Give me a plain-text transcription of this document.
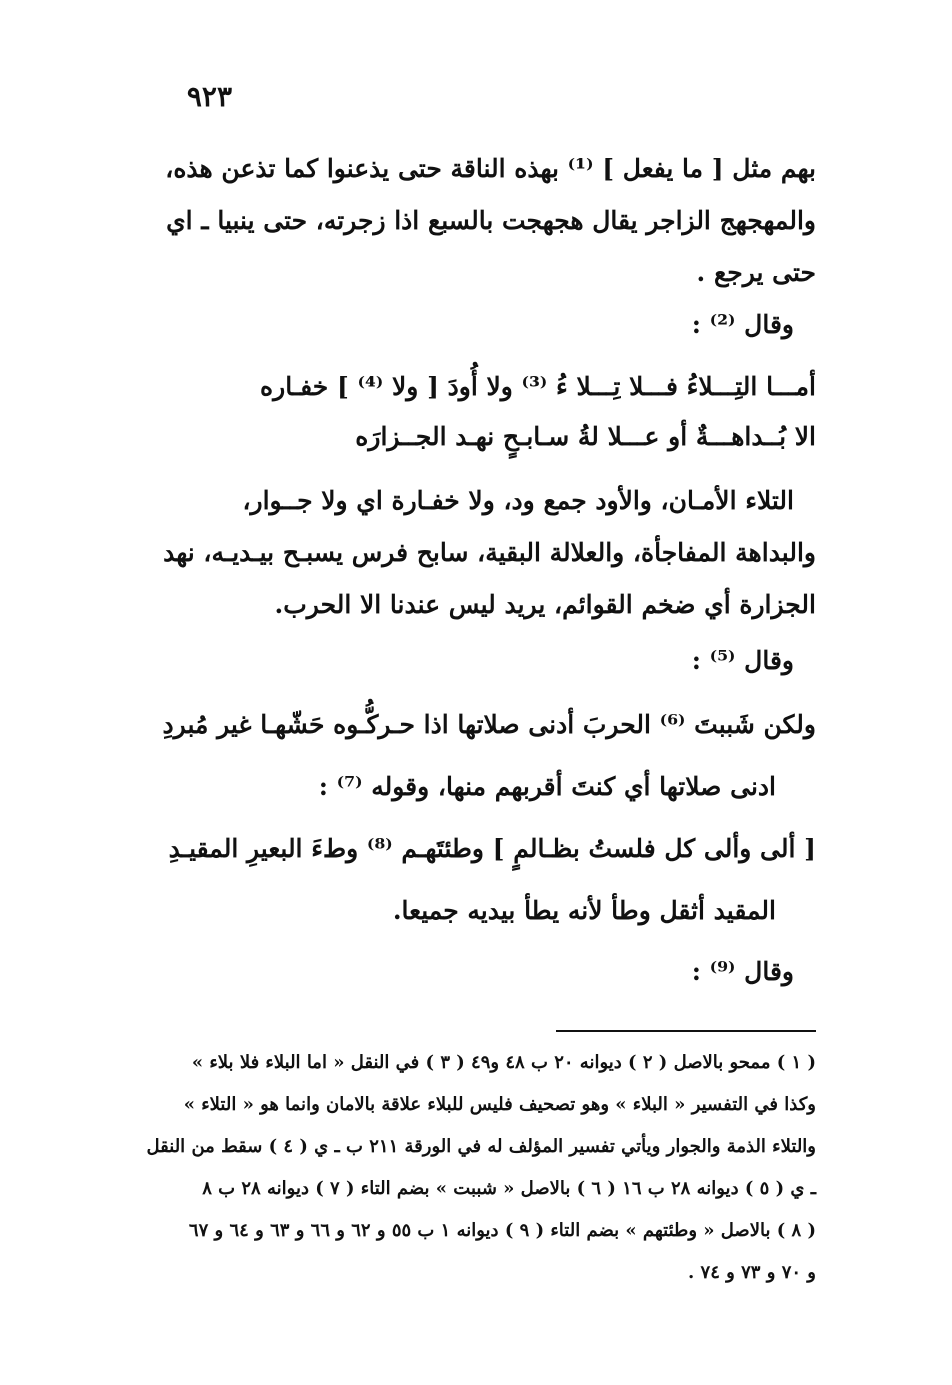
٩٢٣
بهم مثل [ ما يفعل ] ⁽¹⁾ بهذه الناقة حتى يذعنوا كما تذعن هذه،
والمهجهج الزاجر يقال هجهجت بالسبع اذا زجرته، حتى ينبيا ـ اي
حتى يرجع .
وقال ⁽²⁾ :
أمـــا التِـــلاءُ فـــلا تِـــلا ءُ ⁽³⁾ ولا أُودَ [ ولا ⁽⁴⁾ ] خفـاره
الا بُــداهـــةٌ أو عـــلا لةُ سـابـحٍ نهـد الجــزارَه
التلاء الأمـان، والأود جمع ود، ولا خفـارة اي ولا جــوار،
والبداهة المفاجأة، والعلالة البقية، سابح فرس يسبـح بيـديـه، نهد
الجزارة أي ضخم القوائم، يريد ليس عندنا الا الحرب.
وقال ⁽⁵⁾ :
ولكن شَببتَ ⁽⁶⁾ الحربَ أدنى صلاتها اذا حـركُّـوه حَشّهـا غير مُبردِ
ادنى صلاتها أي كنتَ أقربهم منها، وقوله ⁽⁷⁾ :
[ ألى وألى كل فلستُ بظـالمٍ ] وطئتَهـم ⁽⁸⁾ وطءَ البعيرِ المقيـدِ
المقيد أثقل وطأ لأنه يطأ بيديه جميعا.
وقال ⁽⁹⁾ :
( ١ ) ممحو بالاصل ( ٢ ) ديوانه ٢٠ ب ٤٨ و٤٩ ( ٣ ) في النقل « اما البلاء فلا بلاء »
وكذا في التفسير « البلاء » وهو تصحيف فليس للبلاء علاقة بالامان وانما هو « التلاء »
والتلاء الذمة والجوار ويأتي تفسير المؤلف له في الورقة ٢١١ ب ـ ي ( ٤ ) سقط من النقل
ـ ي ( ٥ ) ديوانه ٢٨ ب ١٦ ( ٦ ) بالاصل « شببت » بضم التاء ( ٧ ) ديوانه ٢٨ ب ٨
( ٨ ) بالاصل « وطئتهم » بضم التاء ( ٩ ) ديوانه ١ ب ٥٥ و ٦٢ و ٦٦ و ٦٣ و ٦٤ و ٦٧
و ٧٠ و ٧٣ و ٧٤ .
